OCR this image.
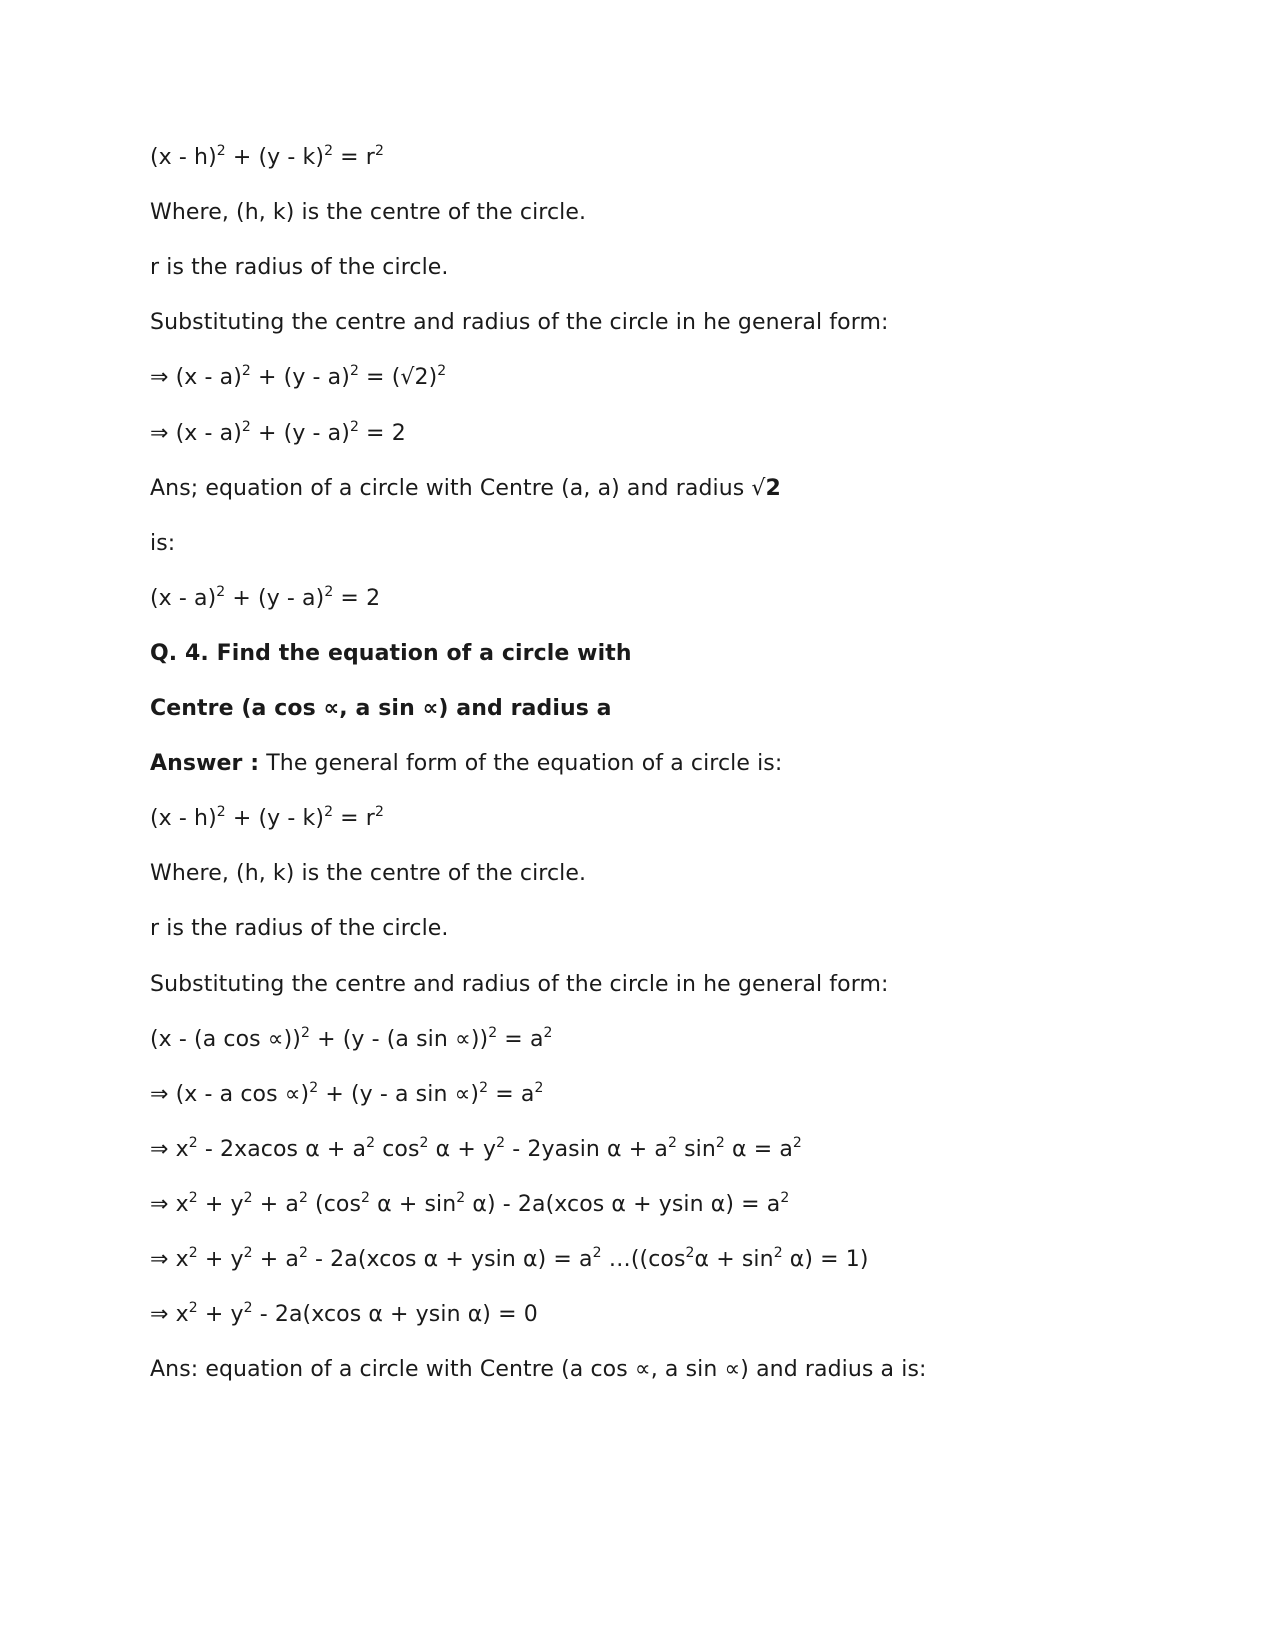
$(x - h)^2 + (y - k)^2 = r^2$
Where, (h, k) is the centre of the circle.
r is the radius of the circle.
Substituting the centre and radius of the circle in he general form:
⇒ $(x - a)^2 + (y - a)^2 = (√2)^2$
⇒ (x - a)$^2$ + (y - a)$^2$ = 2
Ans; equation of a circle with Centre (a, a) and radius √2
is:
(x - a)$^2$ + (y - a)$^2$ = 2
Q. 4. Find the equation of a circle with
Centre (a cos ∝, a sin ∝) and radius a
Answer : The general form of the equation of a circle is:
$(x - h)^2 + (y - k)^2 = r^2$
Where, (h, k) is the centre of the circle.
r is the radius of the circle.
Substituting the centre and radius of the circle in he general form:
(x - (a cos ∝))$^2$ + (y - (a $\sin \propto))^2 = a^2$
⇒ (x - a cos ∝)$^2$ + (y - a $\sin \propto)^2 = a^2$
⇒ $x^2 - 2xacos$ $\alpha + a^2$ $\cos^2 \alpha + y^2 - 2yasin$ $\alpha + a^2$ $\sin^2 \alpha = a^2$
⇒ $x^2 + y^2 + a^2$ ($\cos^2$ $\alpha + \sin^2 \alpha) - 2a(xcos$ α + ysin $\alpha) = a^2$
⇒ $x^2 + y^2 + a^2 - 2a(xcos$ α + ysin $\alpha) = a^2$ $\dots((\cos^2\alpha + \sin^2 \alpha) = 1)$
⇒ $x^2 + y^2 - 2a(xcos$ α + ysin α) = 0
Ans: equation of a circle with Centre (a cos ∝, a sin ∝) and radius a is:
